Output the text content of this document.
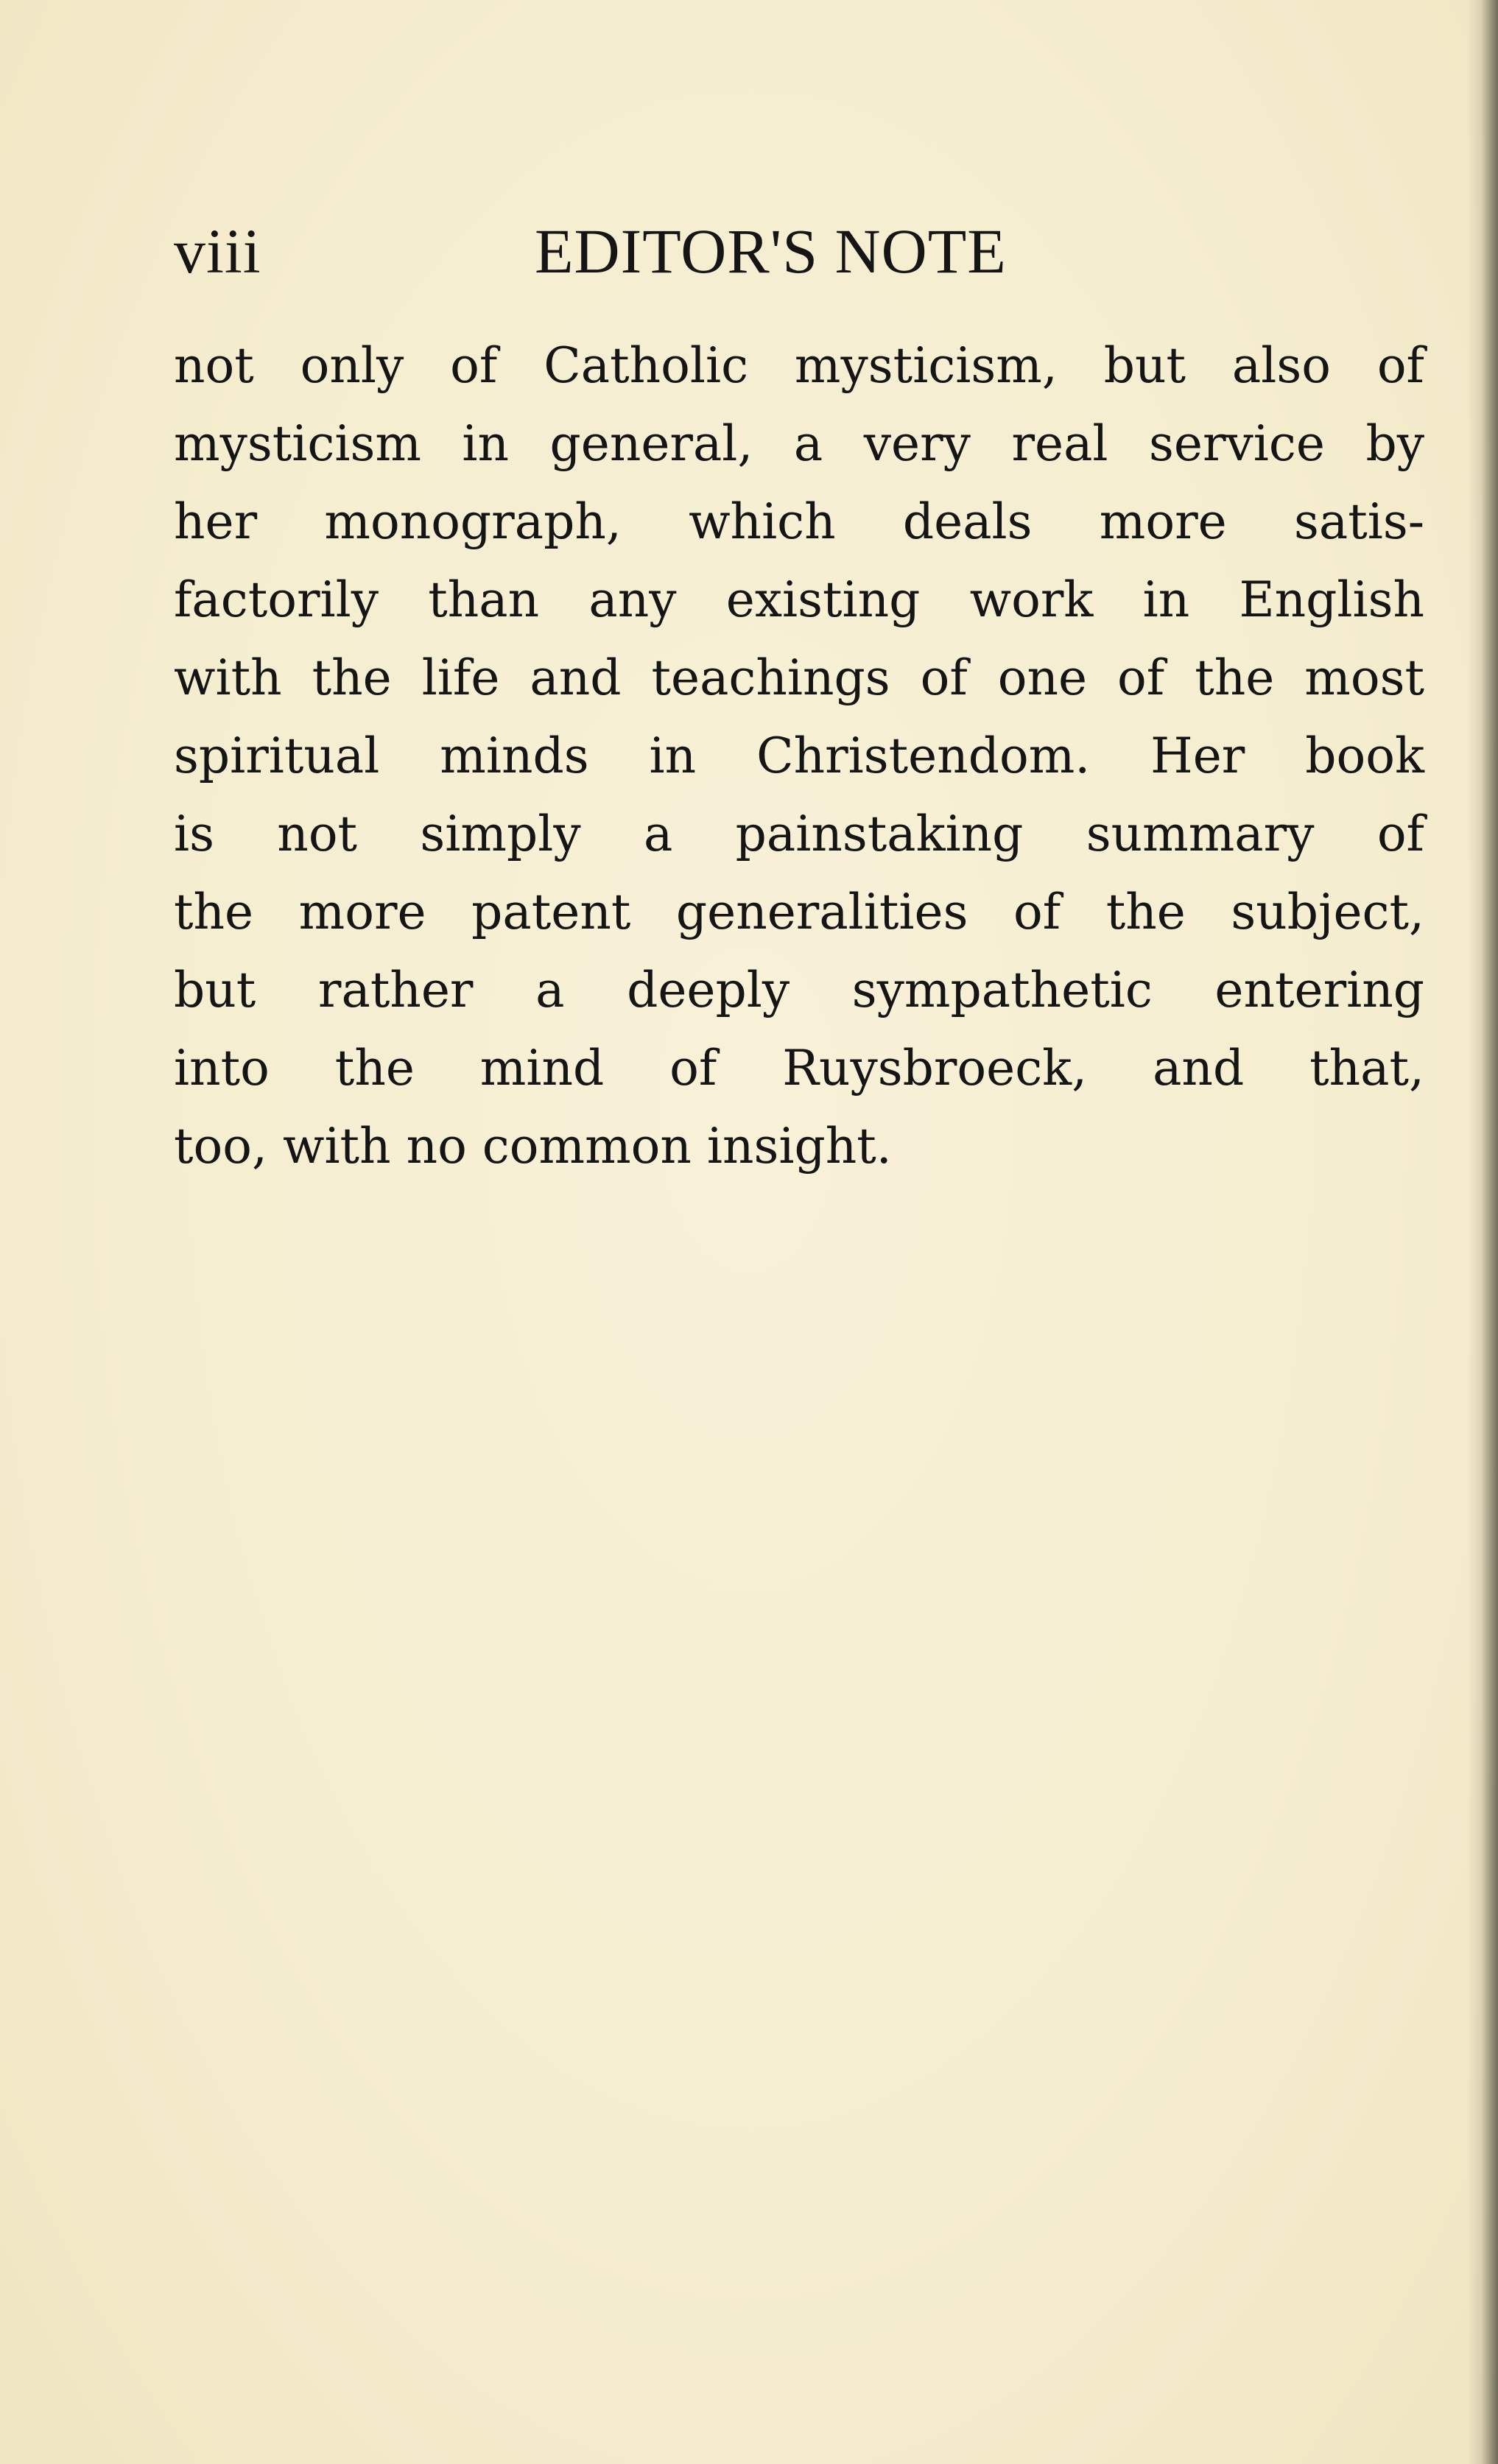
viii	EDITOR'S NOTE
not only of Catholic mysticism, but also of
mysticism in general, a very real service by
her monograph, which deals more satis-
factorily than any existing work in English
with the life and teachings of one of the most
spiritual minds in Christendom. Her book
is not simply a painstaking summary of
the more patent generalities of the subject,
but rather a deeply sympathetic entering
into the mind of Ruysbroeck, and that,
too, with no common insight.
